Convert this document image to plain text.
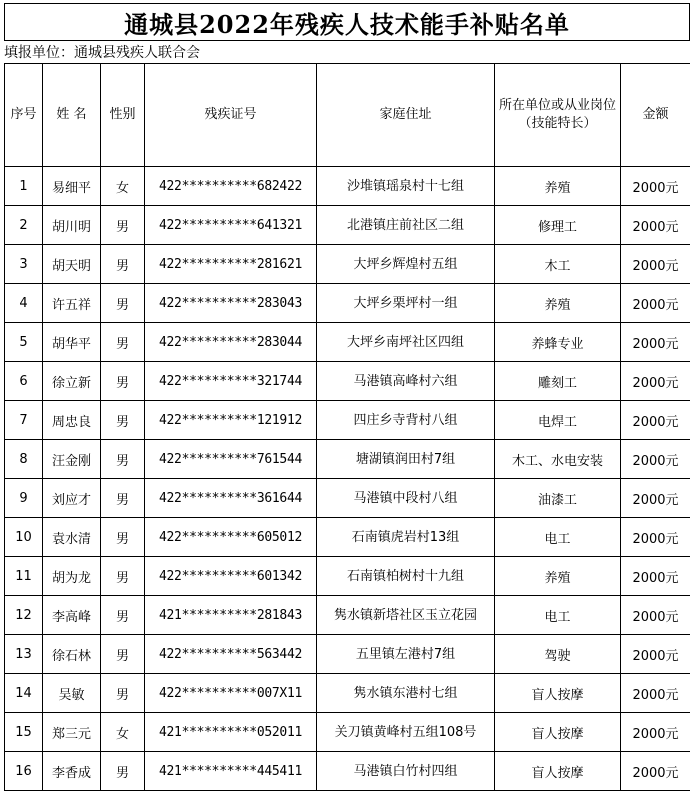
通城县2022年残疾人技术能手补贴名单
填报单位：通城县残疾人联合会
序号	姓 名	性别	残疾证号	家庭住址	所在单位或从业岗位（技能特长）	金额
1	易细平	女	422**********682422	沙堆镇瑶泉村十七组	养殖	2000元
2	胡川明	男	422**********641321	北港镇庄前社区二组	修理工	2000元
3	胡天明	男	422**********281621	大坪乡辉煌村五组	木工	2000元
4	许五祥	男	422**********283043	大坪乡栗坪村一组	养殖	2000元
5	胡华平	男	422**********283044	大坪乡南坪社区四组	养蜂专业	2000元
6	徐立新	男	422**********321744	马港镇高峰村六组	雕刻工	2000元
7	周忠良	男	422**********121912	四庄乡寺背村八组	电焊工	2000元
8	汪金刚	男	422**********761544	塘湖镇润田村7组	木工、水电安装	2000元
9	刘应才	男	422**********361644	马港镇中段村八组	油漆工	2000元
10	袁水清	男	422**********605012	石南镇虎岩村13组	电工	2000元
11	胡为龙	男	422**********601342	石南镇柏树村十九组	养殖	2000元
12	李高峰	男	421**********281843	隽水镇新塔社区玉立花园	电工	2000元
13	徐石林	男	422**********563442	五里镇左港村7组	驾驶	2000元
14	吴敏	男	422**********007X11	隽水镇东港村七组	盲人按摩	2000元
15	郑三元	女	421**********052011	关刀镇黄峰村五组108号	盲人按摩	2000元
16	李香成	男	421**********445411	马港镇白竹村四组	盲人按摩	2000元
